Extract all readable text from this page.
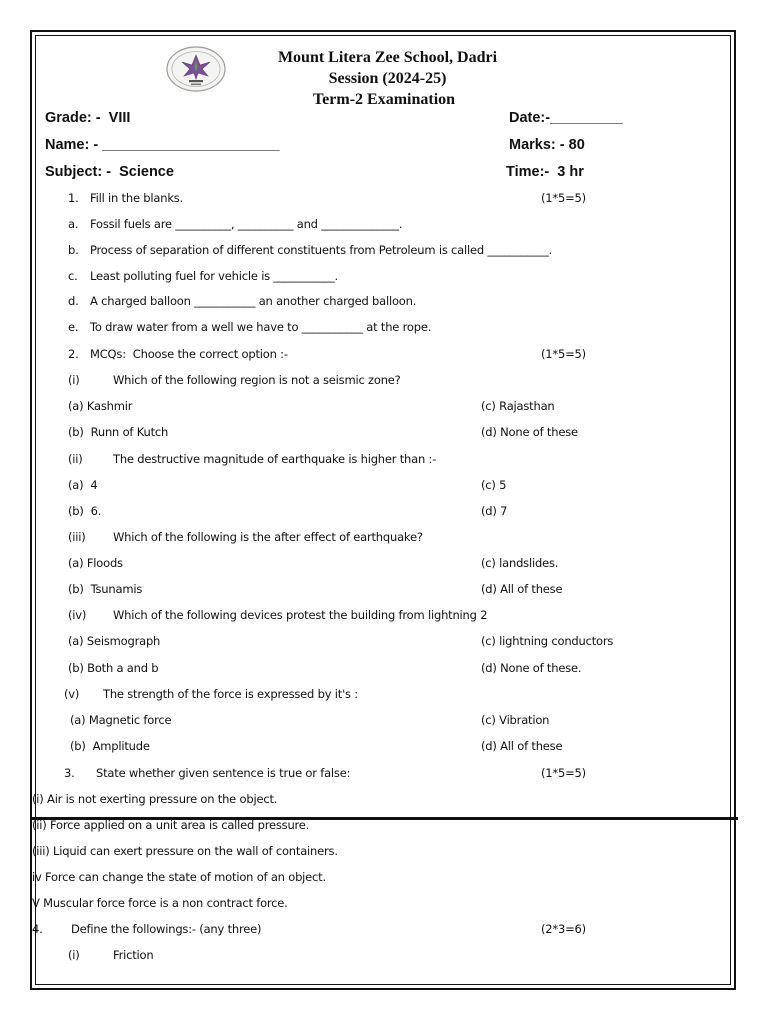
Mount Litera Zee School, Dadri
Session (2024-25)
Term-2 Examination
Grade: -  VIII	Date:-_________
Name: - ______________________	Marks: - 80
Subject: -  Science	Time:-  3 hr
1. Fill in the blanks.	(1*5=5)
a. Fossil fuels are __________, __________ and ______________.
b. Process of separation of different constituents from Petroleum is called ___________.
c. Least polluting fuel for vehicle is ___________.
d. A charged balloon ___________ an another charged balloon.
e. To draw water from a well we have to ___________ at the rope.
2. MCQs:  Choose the correct option :-	(1*5=5)
(i)	Which of the following region is not a seismic zone?
(a) Kashmir	(c) Rajasthan
(b)  Runn of Kutch	(d) None of these
(ii)	The destructive magnitude of earthquake is higher than :-
(a)  4	(c) 5
(b)  6.	(d) 7
(iii) Which of the following is the after effect of earthquake?
(a) Floods	(c) landslides.
(b)  Tsunamis	(d) All of these
(iv) Which of the following devices protest the building from lightning 2
(a) Seismograph	(c) lightning conductors
(b) Both a and b	(d) None of these.
(v) The strength of the force is expressed by it's :
(a) Magnetic force	(c) Vibration
(b)  Amplitude	(d) All of these
3. State whether given sentence is true or false:	(1*5=5)
(i) Air is not exerting pressure on the object.
(ii) Force applied on a unit area is called pressure.
(iii) Liquid can exert pressure on the wall of containers.
iv Force can change the state of motion of an object.
V Muscular force force is a non contract force.
4. Define the followings:- (any three)	(2*3=6)
(i)	Friction
